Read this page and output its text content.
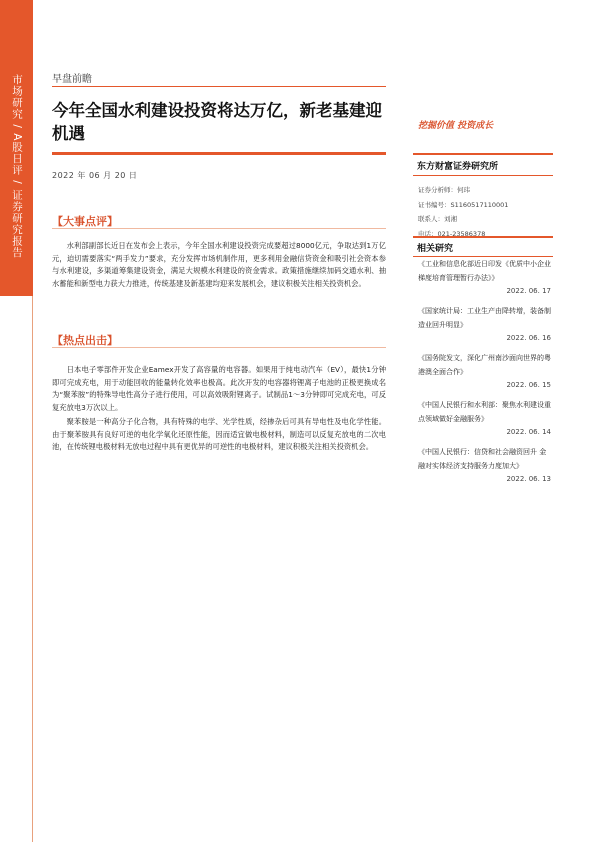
市场研究 / A股日评 / 证券研究报告	早盘前瞻
今年全国水利建设投资将达万亿，新老基建迎机遇
2022 年 06 月 20 日
挖掘价值 投资成长
东方财富证券研究所
证券分析师：何玮
证书编号：S1160517110001
联系人：刘湘
电话：021-23586378
相关研究
《工业和信息化部近日印发《优质中小企业梯度培育管理暂行办法》》
2022. 06. 17
《国家统计局：工业生产由降转增，装备制造业回升明显》
2022. 06. 16
《国务院发文，深化广州南沙面向世界的粤港澳全面合作》
2022. 06. 15
《中国人民银行和水利部：聚焦水利建设重点领域做好金融服务》
2022. 06. 14
《中国人民银行：信贷和社会融资回升 金融对实体经济支持服务力度加大》
2022. 06. 13
【大事点评】

水利部副部长近日在发布会上表示，今年全国水利建设投资完成要超过8000亿元，争取达到1万亿元，迫切需要落实“两手发力”要求，充分发挥市场机制作用，更多利用金融信贷资金和吸引社会资本参与水利建设，多渠道筹集建设资金，满足大规模水利建设的资金需求。政策措施继续加码交通水利、抽水蓄能和新型电力获大力推进，传统基建及新基建均迎来发展机会，建议积极关注相关投资机会。

【热点出击】

日本电子零部件开发企业Eamex开发了高容量的电容器。如果用于纯电动汽车（EV），最快1分钟即可完成充电，用于动能回收的能量转化效率也极高。此次开发的电容器将锂离子电池的正极更换成名为“聚苯胺”的特殊导电性高分子进行使用，可以高效吸附锂离子。试制品1～3分钟即可完成充电，可反复充放电3万次以上。

聚苯胺是一种高分子化合物，具有特殊的电学、光学性质，经掺杂后可具有导电性及电化学性能。由于聚苯胺具有良好可逆的电化学氧化还原性能，因而适宜做电极材料，制造可以反复充放电的二次电池，在传统锂电极材料无放电过程中具有更优异的可逆性的电极材料，建议积极关注相关投资机会。
